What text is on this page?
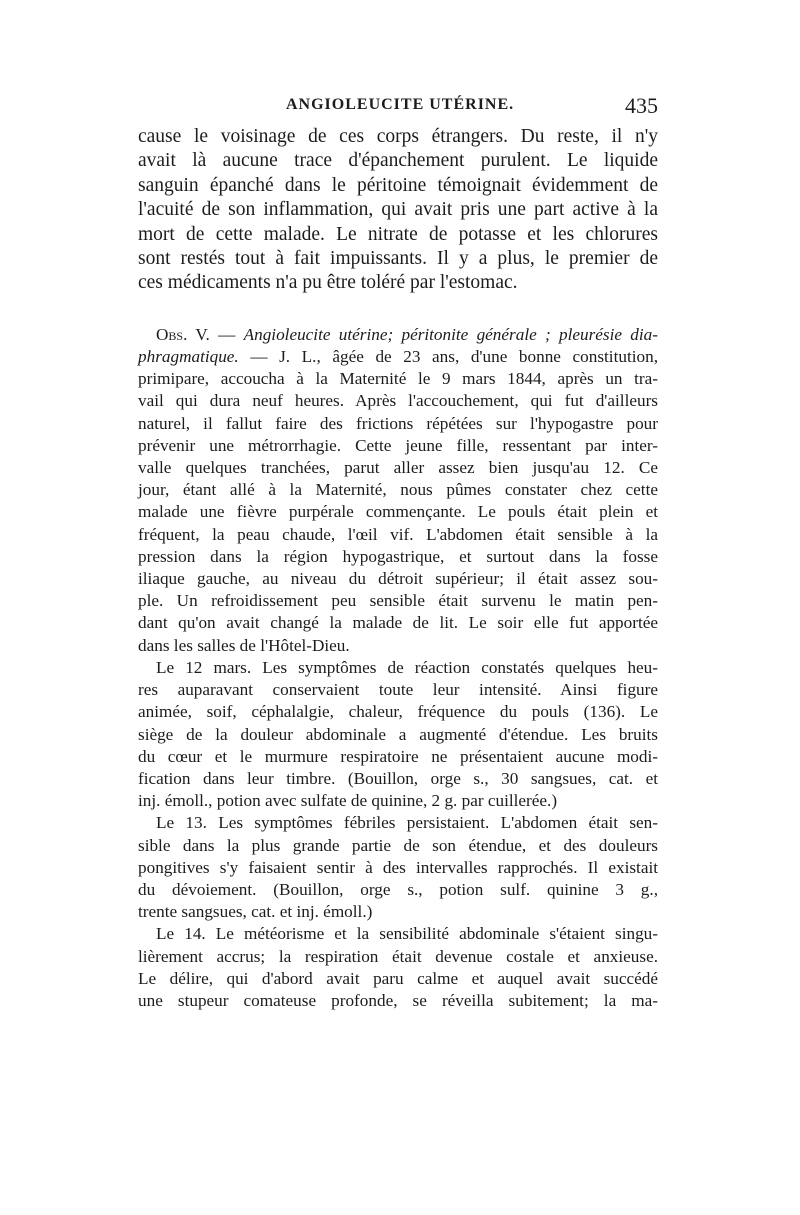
ANGIOLEUCITE UTÉRINE.	435
cause le voisinage de ces corps étrangers. Du reste, il n'y
avait là aucune trace d'épanchement purulent. Le liquide
sanguin épanché dans le péritoine témoignait évidemment de
l'acuité de son inflammation, qui avait pris une part active à la
mort de cette malade. Le nitrate de potasse et les chlorures
sont restés tout à fait impuissants. Il y a plus, le premier de
ces médicaments n'a pu être toléré par l'estomac.
Obs. V. — Angioleucite utérine; péritonite générale ; pleurésie dia-
phragmatique. — J. L., âgée de 23 ans, d'une bonne constitution,
primipare, accoucha à la Maternité le 9 mars 1844, après un tra-
vail qui dura neuf heures. Après l'accouchement, qui fut d'ailleurs
naturel, il fallut faire des frictions répétées sur l'hypogastre pour
prévenir une métrorrhagie. Cette jeune fille, ressentant par inter-
valle quelques tranchées, parut aller assez bien jusqu'au 12. Ce
jour, étant allé à la Maternité, nous pûmes constater chez cette
malade une fièvre purpérale commençante. Le pouls était plein et
fréquent, la peau chaude, l'œil vif. L'abdomen était sensible à la
pression dans la région hypogastrique, et surtout dans la fosse
iliaque gauche, au niveau du détroit supérieur; il était assez sou-
ple. Un refroidissement peu sensible était survenu le matin pen-
dant qu'on avait changé la malade de lit. Le soir elle fut apportée
dans les salles de l'Hôtel-Dieu.
Le 12 mars. Les symptômes de réaction constatés quelques heu-
res auparavant conservaient toute leur intensité. Ainsi figure
animée, soif, céphalalgie, chaleur, fréquence du pouls (136). Le
siège de la douleur abdominale a augmenté d'étendue. Les bruits
du cœur et le murmure respiratoire ne présentaient aucune modi-
fication dans leur timbre. (Bouillon, orge s., 30 sangsues, cat. et
inj. émoll., potion avec sulfate de quinine, 2 g. par cuillerée.)
Le 13. Les symptômes fébriles persistaient. L'abdomen était sen-
sible dans la plus grande partie de son étendue, et des douleurs
pongitives s'y faisaient sentir à des intervalles rapprochés. Il existait
du dévoiement. (Bouillon, orge s., potion sulf. quinine 3 g.,
trente sangsues, cat. et inj. émoll.)
Le 14. Le météorisme et la sensibilité abdominale s'étaient singu-
lièrement accrus; la respiration était devenue costale et anxieuse.
Le délire, qui d'abord avait paru calme et auquel avait succédé
une stupeur comateuse profonde, se réveilla subitement; la ma-
